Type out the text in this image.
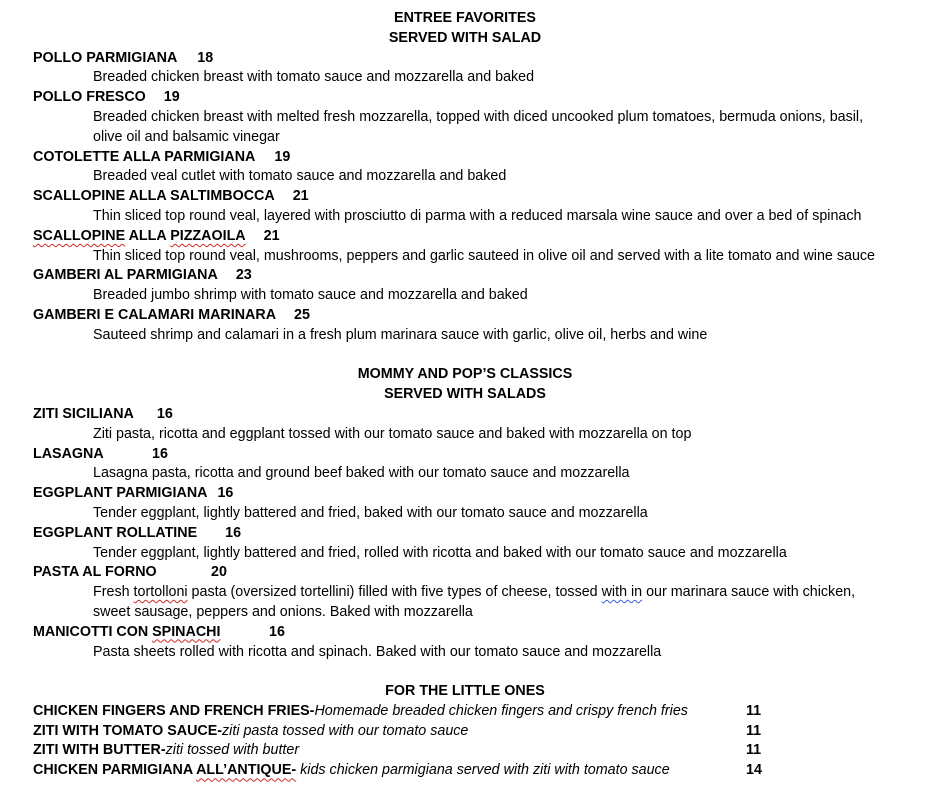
ENTREE FAVORITES
SERVED WITH SALAD
POLLO PARMIGIANA 18
Breaded chicken breast with tomato sauce and mozzarella and baked
POLLO FRESCO 19
Breaded chicken breast with melted fresh mozzarella, topped with diced uncooked plum tomatoes, bermuda onions, basil,
olive oil and balsamic vinegar
COTOLETTE ALLA PARMIGIANA 19
Breaded veal cutlet with tomato sauce and mozzarella and baked
SCALLOPINE ALLA SALTIMBOCCA 21
Thin sliced top round veal, layered with prosciutto di parma with a reduced marsala wine sauce and over a bed of spinach
SCALLOPINE ALLA PIZZAOILA 21
Thin sliced top round veal, mushrooms, peppers and garlic sauteed in olive oil and served with a lite tomato and wine sauce
GAMBERI AL PARMIGIANA 23
Breaded jumbo shrimp with tomato sauce and mozzarella and baked
GAMBERI E CALAMARI MARINARA 25
Sauteed shrimp and calamari in a fresh plum marinara sauce with garlic, olive oil, herbs and wine
MOMMY AND POP’S CLASSICS
SERVED WITH SALADS
ZITI SICILIANA 16
Ziti pasta, ricotta and eggplant tossed with our tomato sauce and baked with mozzarella on top
LASAGNA	16
Lasagna pasta, ricotta and ground beef baked with our tomato sauce and mozzarella
EGGPLANT PARMIGIANA 16
Tender eggplant, lightly battered and fried, baked with our tomato sauce and mozzarella
EGGPLANT ROLLATINE 16
Tender eggplant, lightly battered and fried, rolled with ricotta and baked with our tomato sauce and mozzarella
PASTA AL FORNO	20
Fresh tortolloni pasta (oversized tortellini) filled with five types of cheese, tossed with in our marinara sauce with chicken,
sweet sausage, peppers and onions. Baked with mozzarella
MANICOTTI CON SPINACHI	16
Pasta sheets rolled with ricotta and spinach. Baked with our tomato sauce and mozzarella
FOR THE LITTLE ONES
CHICKEN FINGERS AND FRENCH FRIES-Homemade breaded chicken fingers and crispy french fries	11
ZITI WITH TOMATO SAUCE-ziti pasta tossed with our tomato sauce	11
ZITI WITH BUTTER-ziti tossed with butter	11
CHICKEN PARMIGIANA ALL’ANTIQUE- kids chicken parmigiana served with ziti with tomato sauce	14
